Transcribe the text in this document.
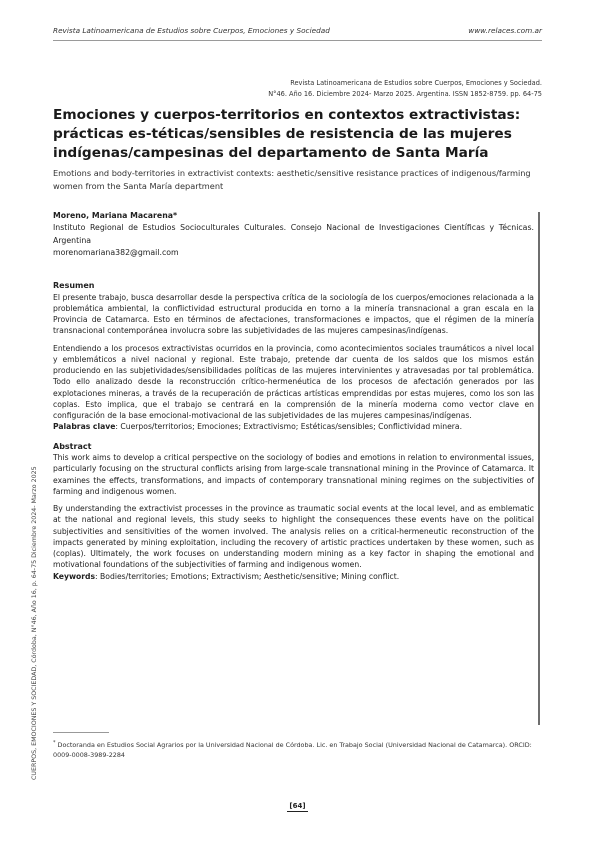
Revista Latinoamericana de Estudios sobre Cuerpos, Emociones y Sociedad	www.relaces.com.ar
Revista Latinoamericana de Estudios sobre Cuerpos, Emociones y Sociedad.
N°46. Año 16. Diciembre 2024- Marzo 2025. Argentina. ISSN 1852-8759. pp. 64-75
Emociones y cuerpos-territorios en contextos extractivistas: prácticas es-téticas/sensibles de resistencia de las mujeres indígenas/campesinas del departamento de Santa María
Emotions and body-territories in extractivist contexts: aesthetic/sensitive resistance practices of indigenous/farming women from the Santa María department
Moreno, Mariana Macarena*
Instituto Regional de Estudios Socioculturales Culturales. Consejo Nacional de Investigaciones Científicas y Técnicas. Argentina
morenomariana382@gmail.com
Resumen

El presente trabajo, busca desarrollar desde la perspectiva crítica de la sociología de los cuerpos/emociones relacionada a la problemática ambiental, la conflictividad estructural producida en torno a la minería transnacional a gran escala en la Provincia de Catamarca. Esto en términos de afectaciones, transformaciones e impactos, que el régimen de la minería transnacional contemporánea involucra sobre las subjetividades de las mujeres campesinas/indígenas.

Entendiendo a los procesos extractivistas ocurridos en la provincia, como acontecimientos sociales traumáticos a nivel local y emblemáticos a nivel nacional y regional. Este trabajo, pretende dar cuenta de los saldos que los mismos están produciendo en las subjetividades/sensibilidades políticas de las mujeres intervinientes y atravesadas por tal problemática. Todo ello analizado desde la reconstrucción crítico-hermenéutica de los procesos de afectación generados por las explotaciones mineras, a través de la recuperación de prácticas artísticas emprendidas por estas mujeres, como los son las coplas. Esto implica, que el trabajo se centrará en la comprensión de la minería moderna como vector clave en configuración de la base emocional-motivacional de las subjetividades de las mujeres campesinas/indígenas.

Palabras clave: Cuerpos/territorios; Emociones; Extractivismo; Estéticas/sensibles; Conflictividad minera.

Abstract

This work aims to develop a critical perspective on the sociology of bodies and emotions in relation to environmental issues, particularly focusing on the structural conflicts arising from large-scale transnational mining in the Province of Catamarca. It examines the effects, transformations, and impacts of contemporary transnational mining regimes on the subjectivities of farming and indigenous women.

By understanding the extractivist processes in the province as traumatic social events at the local level, and as emblematic at the national and regional levels, this study seeks to highlight the consequences these events have on the political subjectivities and sensitivities of the women involved. The analysis relies on a critical-hermeneutic reconstruction of the impacts generated by mining exploitation, including the recovery of artistic practices undertaken by these women, such as (coplas). Ultimately, the work focuses on understanding modern mining as a key factor in shaping the emotional and motivational foundations of the subjectivities of farming and indigenous women.

Keywords: Bodies/territories; Emotions; Extractivism; Aesthetic/sensitive; Mining conflict.

CUERPOS, EMOCIONES Y SOCIEDAD, Córdoba, N°46, Año 16, p. 64-75 Diciembre 2024- Marzo 2025	* Doctoranda en Estudios Social Agrarios por la Universidad Nacional de Córdoba. Lic. en Trabajo Social (Universidad Nacional de Catamarca). ORCID: 0009-0008-3989-2284
[64]
